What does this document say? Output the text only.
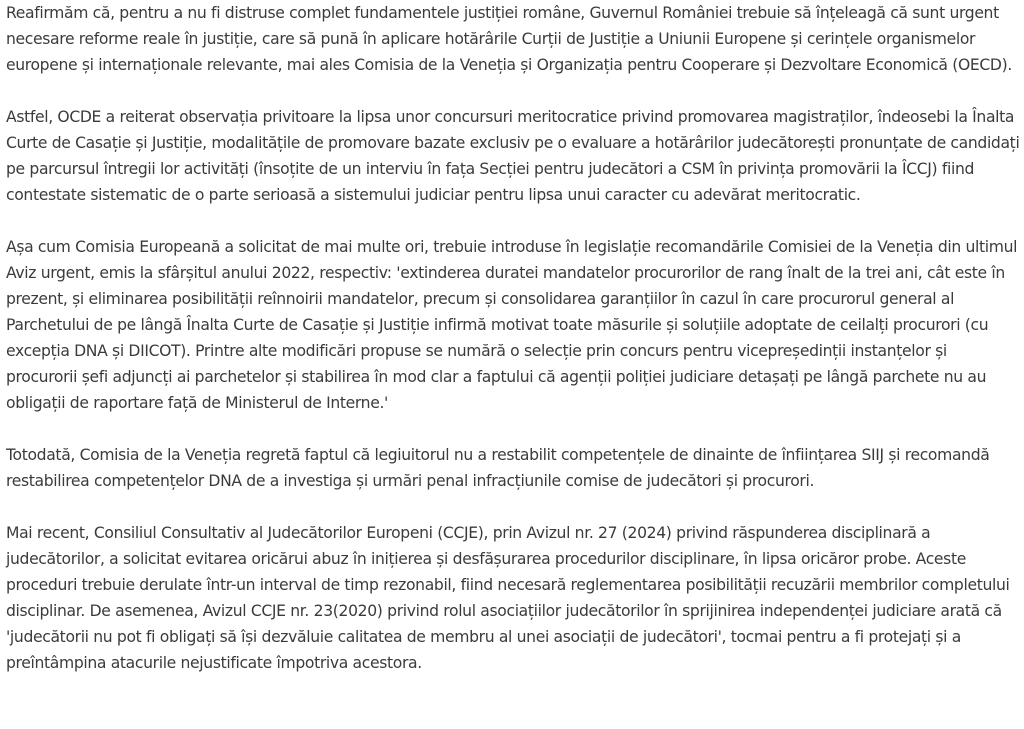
Reafirmăm că, pentru a nu fi distruse complet fundamentele justiției române, Guvernul României trebuie să înțeleagă că sunt urgent necesare reforme reale în justiție, care să pună în aplicare hotărârile Curții de Justiție a Uniunii Europene și cerințele organismelor europene și internaționale relevante, mai ales Comisia de la Veneția și Organizația pentru Cooperare și Dezvoltare Economică (OECD).

Astfel, OCDE a reiterat observația privitoare la lipsa unor concursuri meritocratice privind promovarea magistraților, îndeosebi la Înalta Curte de Casație și Justiție, modalitățile de promovare bazate exclusiv pe o evaluare a hotărârilor judecătorești pronunțate de candidați pe parcursul întregii lor activități (însoțite de un interviu în fața Secției pentru judecători a CSM în privința promovării la ÎCCJ) fiind contestate sistematic de o parte serioasă a sistemului judiciar pentru lipsa unui caracter cu adevărat meritocratic.

Așa cum Comisia Europeană a solicitat de mai multe ori, trebuie introduse în legislație recomandările Comisiei de la Veneția din ultimul Aviz urgent, emis la sfârșitul anului 2022, respectiv: 'extinderea duratei mandatelor procurorilor de rang înalt de la trei ani, cât este în prezent, și eliminarea posibilității reînnoirii mandatelor, precum și consolidarea garanțiilor în cazul în care procurorul general al Parchetului de pe lângă Înalta Curte de Casație și Justiție infirmă motivat toate măsurile și soluțiile adoptate de ceilalți procurori (cu excepția DNA și DIICOT). Printre alte modificări propuse se numără o selecție prin concurs pentru vicepreședinții instanțelor și procurorii șefi adjuncți ai parchetelor și stabilirea în mod clar a faptului că agenții poliției judiciare detașați pe lângă parchete nu au obligații de raportare față de Ministerul de Interne.'

Totodată, Comisia de la Veneția regretă faptul că legiuitorul nu a restabilit competențele de dinainte de înființarea SIIJ și recomandă restabilirea competențelor DNA de a investiga și urmări penal infracțiunile comise de judecători și procurori.

Mai recent, Consiliul Consultativ al Judecătorilor Europeni (CCJE), prin Avizul nr. 27 (2024) privind răspunderea disciplinară a judecătorilor, a solicitat evitarea oricărui abuz în inițierea și desfășurarea procedurilor disciplinare, în lipsa oricăror probe. Aceste proceduri trebuie derulate într-un interval de timp rezonabil, fiind necesară reglementarea posibilității recuzării membrilor completului disciplinar. De asemenea, Avizul CCJE nr. 23(2020) privind rolul asociațiilor judecătorilor în sprijinirea independenței judiciare arată că 'judecătorii nu pot fi obligați să își dezvăluie calitatea de membru al unei asociații de judecători', tocmai pentru a fi protejați și a preîntâmpina atacurile nejustificate împotriva acestora.
